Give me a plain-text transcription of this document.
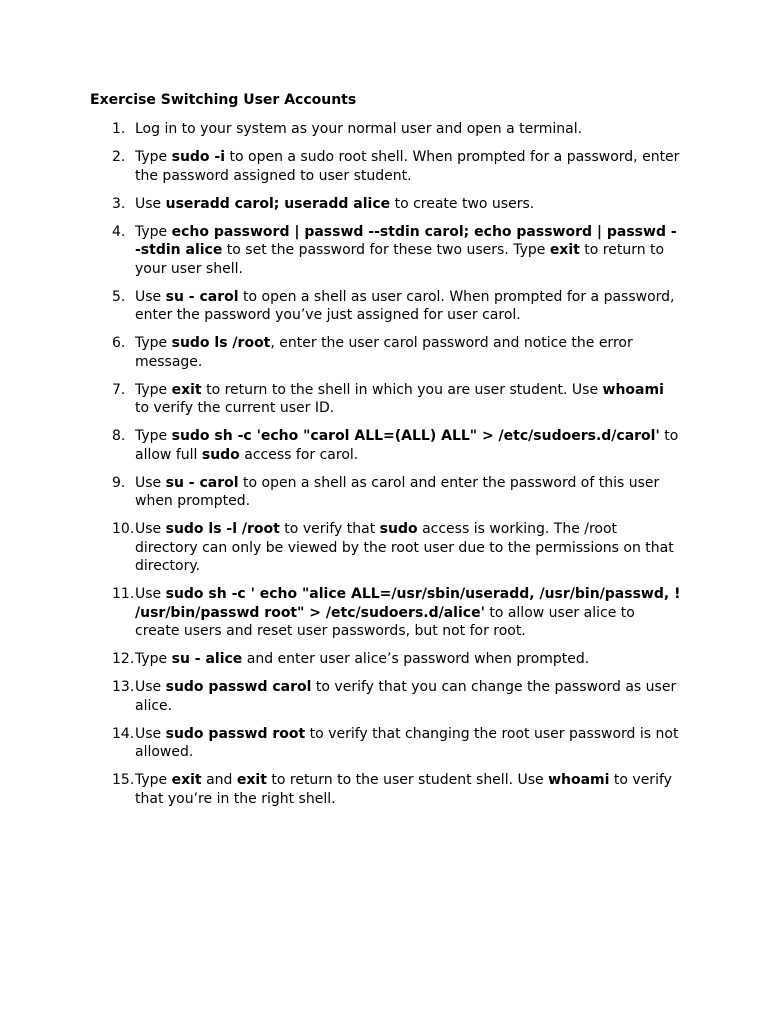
Exercise Switching User Accounts
1. Log in to your system as your normal user and open a terminal.
2. Type sudo -i to open a sudo root shell. When prompted for a password, enter the password assigned to user student.
3. Use useradd carol; useradd alice to create two users.
4. Type echo password | passwd --stdin carol; echo password | passwd --stdin alice to set the password for these two users. Type exit to return to your user shell.
5. Use su - carol to open a shell as user carol. When prompted for a password, enter the password you’ve just assigned for user carol.
6. Type sudo ls /root, enter the user carol password and notice the error message.
7. Type exit to return to the shell in which you are user student. Use whoami to verify the current user ID.
8. Type sudo sh -c 'echo "carol ALL=(ALL) ALL" > /etc/sudoers.d/carol' to allow full sudo access for carol.
9. Use su - carol to open a shell as carol and enter the password of this user when prompted.
10. Use sudo ls -l /root to verify that sudo access is working. The /root directory can only be viewed by the root user due to the permissions on that directory.
11. Use sudo sh -c ' echo "alice ALL=/usr/sbin/useradd, /usr/bin/passwd, ! /usr/bin/passwd root" > /etc/sudoers.d/alice' to allow user alice to create users and reset user passwords, but not for root.
12. Type su - alice and enter user alice’s password when prompted.
13. Use sudo passwd carol to verify that you can change the password as user alice.
14. Use sudo passwd root to verify that changing the root user password is not allowed.
15. Type exit and exit to return to the user student shell. Use whoami to verify that you’re in the right shell.
